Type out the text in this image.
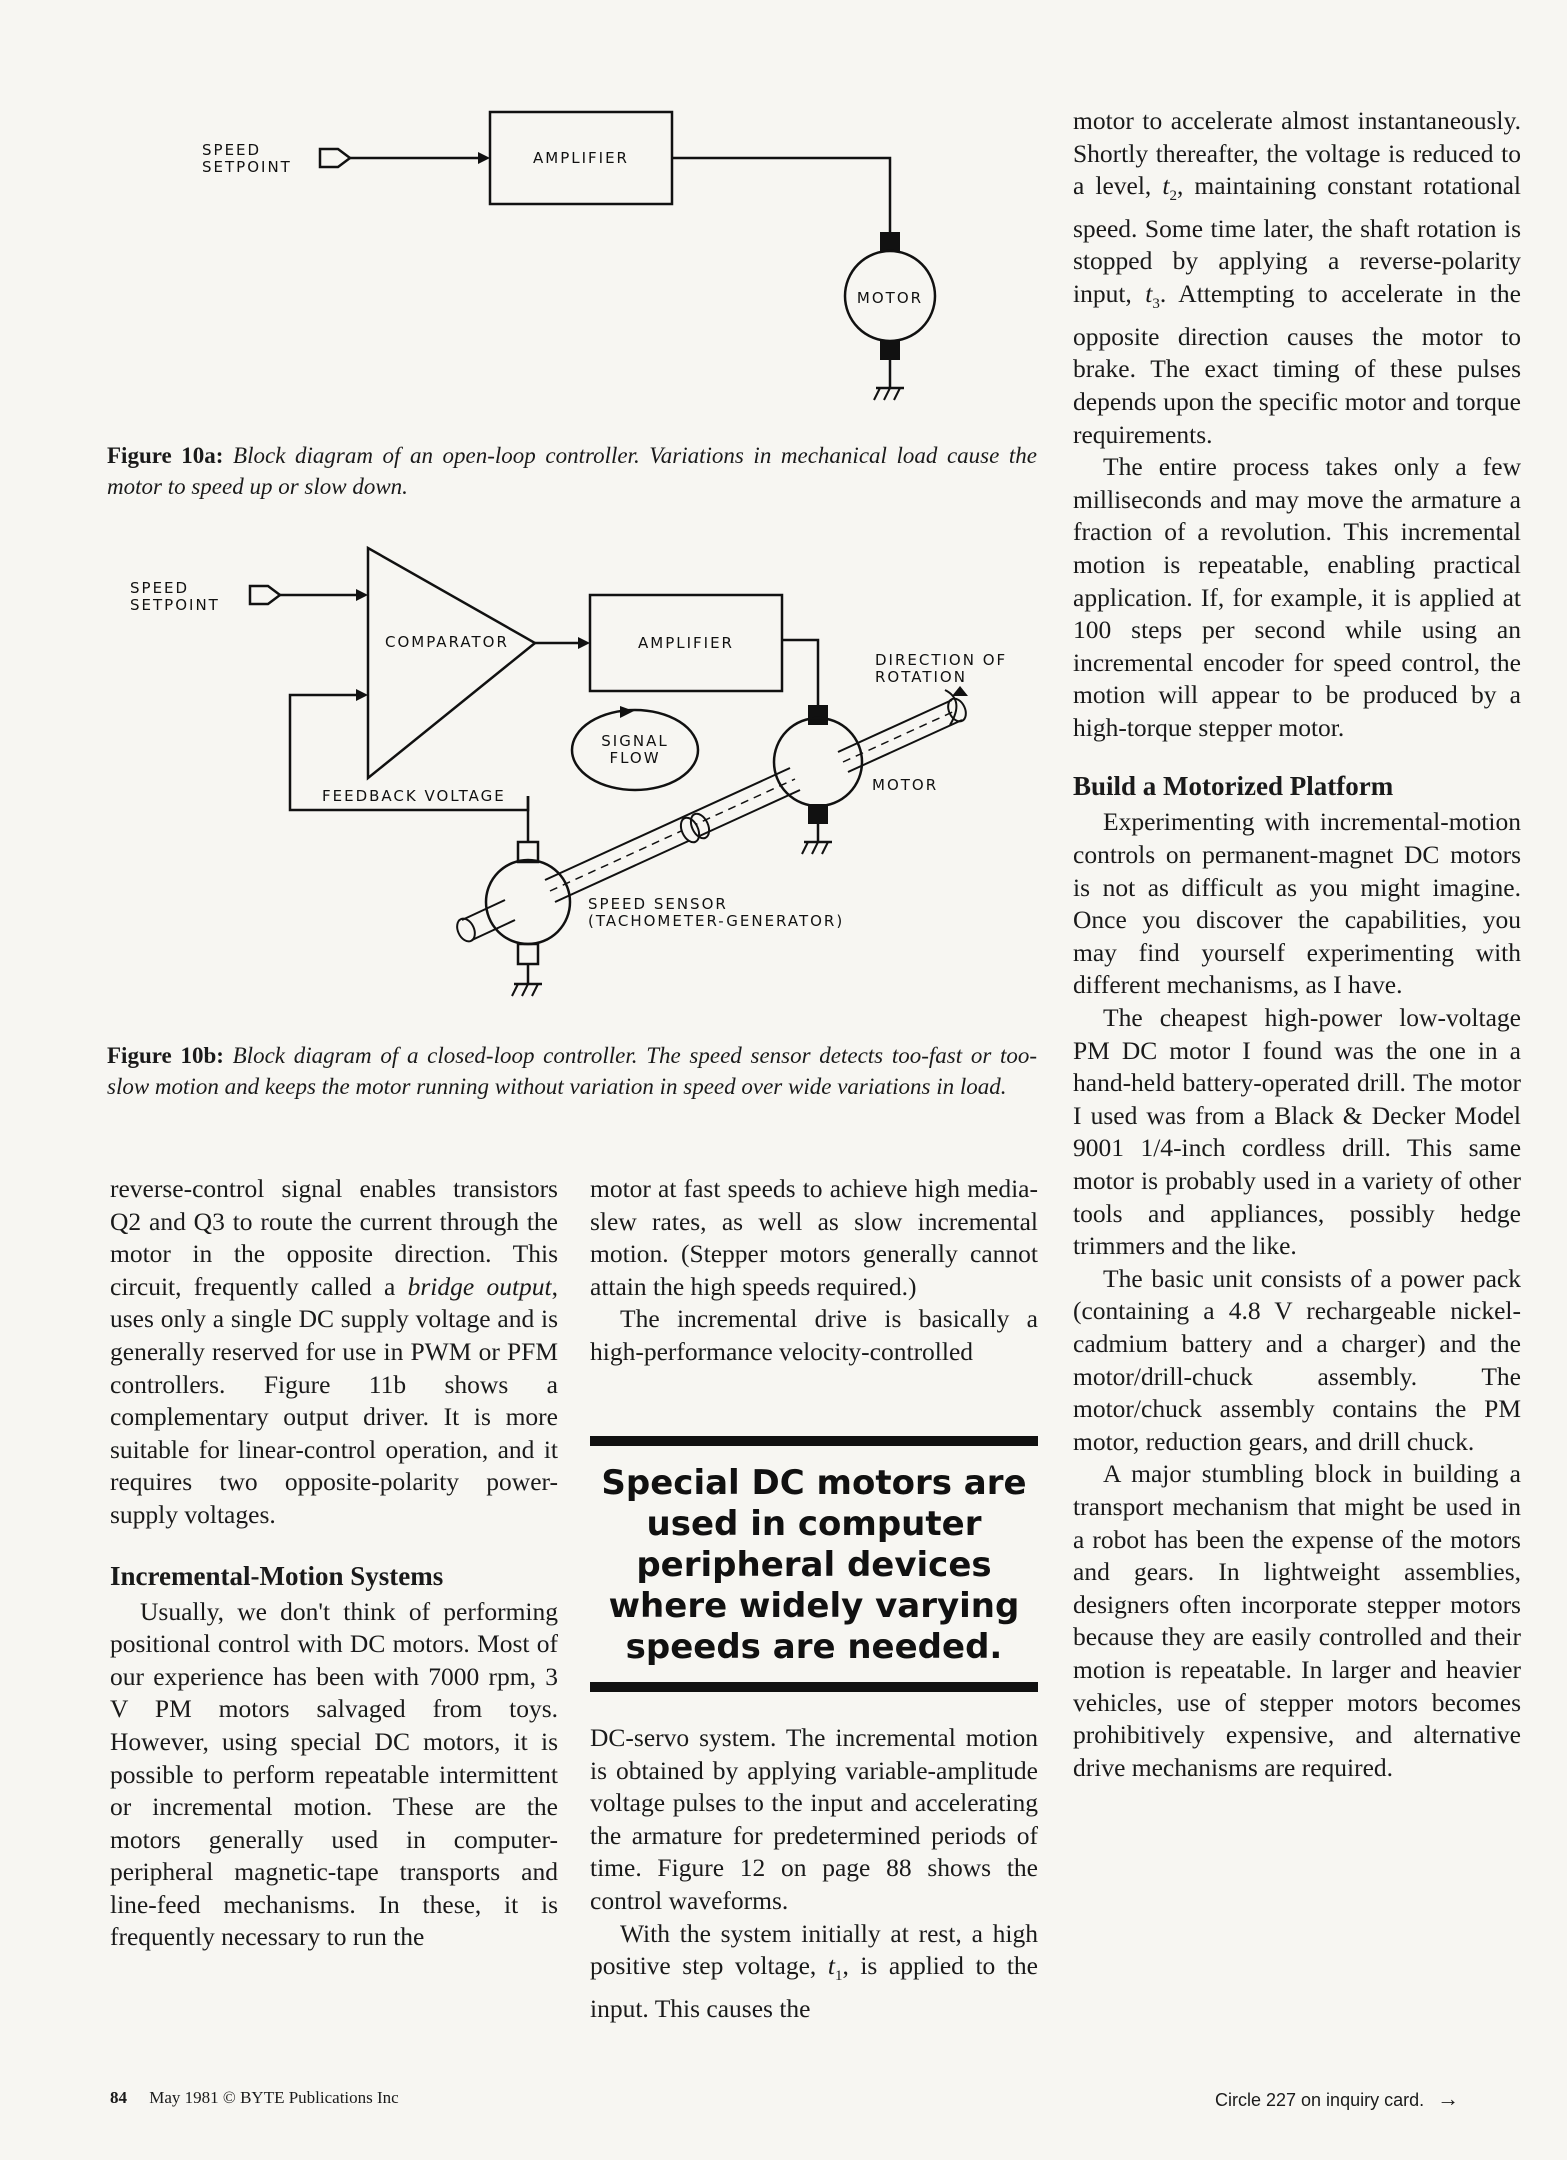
SPEED SETPOINT	AMPLIFIER
MOTOR
Figure 10a: Block diagram of an open-loop controller. Variations in mechanical load cause the motor to speed up or slow down.
SPEED SETPOINT
COMPARATOR	AMPLIFIER
DIRECTION OF ROTATION
SIGNAL FLOW
MOTOR
FEEDBACK VOLTAGE
SPEED SENSOR
(TACHOMETER-GENERATOR)
Figure 10b: Block diagram of a closed-loop controller. The speed sensor detects too-fast or too-slow motion and keeps the motor running without variation in speed over wide variations in load.

reverse-control signal enables transistors Q2 and Q3 to route the current through the motor in the opposite direction. This circuit, frequently called a bridge output, uses only a single DC supply voltage and is generally reserved for use in PWM or PFM controllers. Figure 11b shows a complementary output driver. It is more suitable for linear-control operation, and it requires two opposite-polarity power-supply voltages.

Incremental-Motion Systems

Usually, we don't think of performing positional control with DC motors. Most of our experience has been with 7000 rpm, 3 V PM motors salvaged from toys. However, using special DC motors, it is possible to perform repeatable intermittent or incremental motion. These are the motors generally used in computer-peripheral magnetic-tape transports and line-feed mechanisms. In these, it is frequently necessary to run the

motor at fast speeds to achieve high media-slew rates, as well as slow incremental motion. (Stepper motors generally cannot attain the high speeds required.)

The incremental drive is basically a high-performance velocity-controlled

Special DC motors are used in computer peripheral devices where widely varying speeds are needed.

DC-servo system. The incremental motion is obtained by applying variable-amplitude voltage pulses to the input and accelerating the armature for predetermined periods of time. Figure 12 on page 88 shows the control waveforms.

With the system initially at rest, a high positive step voltage, $t_1$, is applied to the input. This causes the

motor to accelerate almost instantaneously. Shortly thereafter, the voltage is reduced to a level, $t_2$, maintaining constant rotational speed. Some time later, the shaft rotation is stopped by applying a reverse-polarity input, $t_3$. Attempting to accelerate in the opposite direction causes the motor to brake. The exact timing of these pulses depends upon the specific motor and torque requirements.

The entire process takes only a few milliseconds and may move the armature a fraction of a revolution. This incremental motion is repeatable, enabling practical application. If, for example, it is applied at 100 steps per second while using an incremental encoder for speed control, the motion will appear to be produced by a high-torque stepper motor.

Build a Motorized Platform

Experimenting with incremental-motion controls on permanent-magnet DC motors is not as difficult as you might imagine. Once you discover the capabilities, you may find yourself experimenting with different mechanisms, as I have.

The cheapest high-power low-voltage PM DC motor I found was the one in a hand-held battery-operated drill. The motor I used was from a Black & Decker Model 9001 1/4-inch cordless drill. This same motor is probably used in a variety of other tools and appliances, possibly hedge trimmers and the like.

The basic unit consists of a power pack (containing a 4.8 V rechargeable nickel-cadmium battery and a charger) and the motor/drill-chuck assembly. The motor/chuck assembly contains the PM motor, reduction gears, and drill chuck.

A major stumbling block in building a transport mechanism that might be used in a robot has been the expense of the motors and gears. In lightweight assemblies, designers often incorporate stepper motors because they are easily controlled and their motion is repeatable. In larger and heavier vehicles, use of stepper motors becomes prohibitively expensive, and alternative drive mechanisms are required.

84 May 1981 © BYTE Publications Inc	Circle 227 on inquiry card. →
